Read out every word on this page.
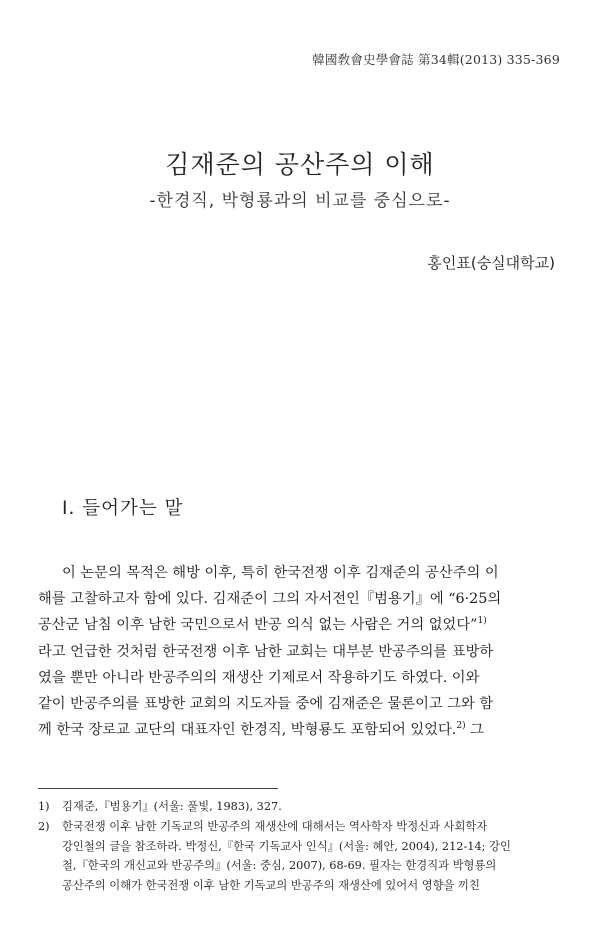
韓國敎會史學會誌 第34輯(2013) 335-369
김재준의 공산주의 이해
-한경직, 박형룡과의 비교를 중심으로-
홍인표(숭실대학교)
Ⅰ. 들어가는 말
이 논문의 목적은 해방 이후, 특히 한국전쟁 이후 김재준의 공산주의 이
해를 고찰하고자 함에 있다. 김재준이 그의 자서전인『범용기』에 “6·25의
공산군 남침 이후 남한 국민으로서 반공 의식 없는 사람은 거의 없었다”$^{1)}$
라고 언급한 것처럼 한국전쟁 이후 남한 교회는 대부분 반공주의를 표방하
였을 뿐만 아니라 반공주의의 재생산 기제로서 작용하기도 하였다. 이와
같이 반공주의를 표방한 교회의 지도자들 중에 김재준은 물론이고 그와 함
께 한국 장로교 교단의 대표자인 한경직, 박형룡도 포함되어 있었다.$^{2)}$ 그
1) 김재준,『범용기』(서울: 풀빛, 1983), 327.
2) 한국전쟁 이후 남한 기독교의 반공주의 재생산에 대해서는 역사학자 박정신과 사회학자
강인철의 글을 참조하라. 박정신,『한국 기독교사 인식』(서울: 혜안, 2004), 212-14; 강인
철,『한국의 개신교와 반공주의』(서울: 중심, 2007), 68-69. 필자는 한경직과 박형룡의
공산주의 이해가 한국전쟁 이후 남한 기독교의 반공주의 재생산에 있어서 영향을 끼친
